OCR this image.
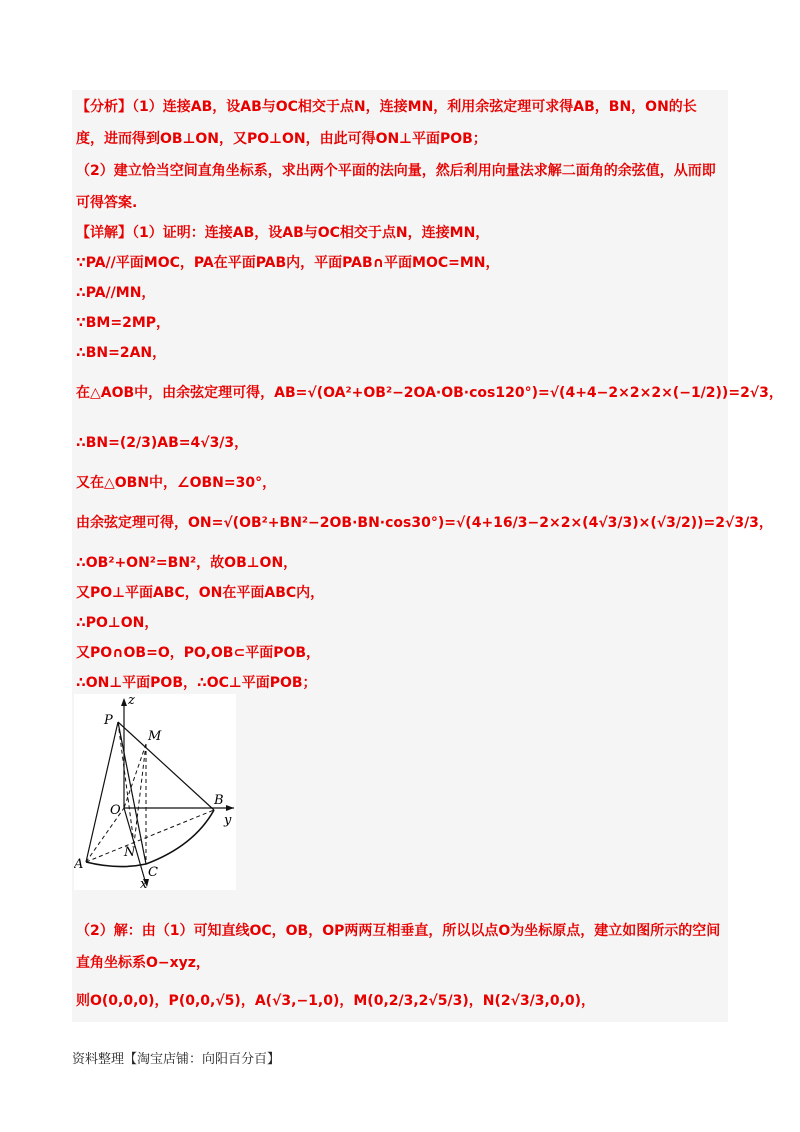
【分析】（1）连接AB，设AB与OC相交于点N，连接MN，利用余弦定理可求得AB，BN，ON的长
度，进而得到OB⊥ON，又PO⊥ON，由此可得ON⊥平面POB；
（2）建立恰当空间直角坐标系，求出两个平面的法向量，然后利用向量法求解二面角的余弦值，从而即
可得答案.
【详解】（1）证明：连接AB，设AB与OC相交于点N，连接MN，
∵PA//平面MOC，PA在平面PAB内，平面PAB∩平面MOC=MN，
∴PA//MN，
∵BM=2MP，
∴BN=2AN，
在△AOB中，由余弦定理可得，AB=√(OA²+OB²−2OA·OB·cos120°)=√(4+4−2×2×2×(−1/2))=2√3，
∴BN=(2/3)AB=4√3/3，
又在△OBN中，∠OBN=30°，
由余弦定理可得，ON=√(OB²+BN²−2OB·BN·cos30°)=√(4+16/3−2×2×(4√3/3)×(√3/2))=2√3/3，
∴OB²+ON²=BN²，故OB⊥ON，
又PO⊥平面ABC，ON在平面ABC内，
∴PO⊥ON，
又PO∩OB=O，PO,OB⊂平面POB，
∴ON⊥平面POB，∴OC⊥平面POB；
z
P
M
O
B
y
A
N
C
x
（2）解：由（1）可知直线OC，OB，OP两两互相垂直，所以以点O为坐标原点，建立如图所示的空间
直角坐标系O−xyz，
则O(0,0,0)，P(0,0,√5)，A(√3,−1,0)，M(0,2/3,2√5/3)，N(2√3/3,0,0)，
资料整理【淘宝店铺：向阳百分百】
